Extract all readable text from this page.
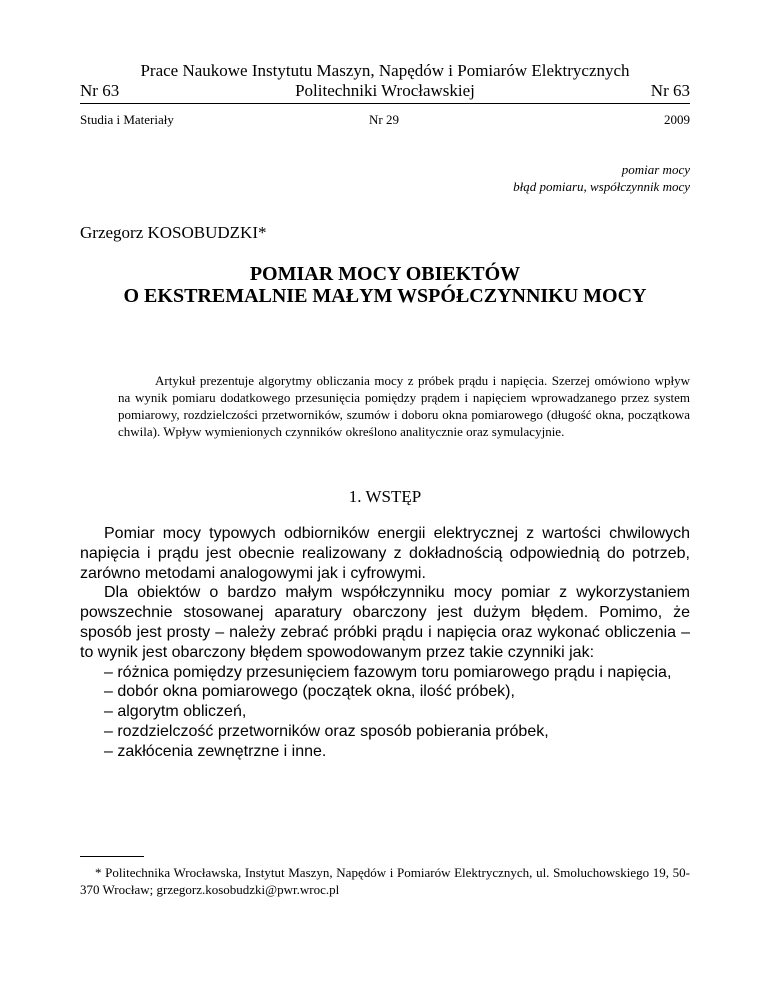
Prace Naukowe Instytutu Maszyn, Napędów i Pomiarów Elektrycznych
Politechniki Wrocławskiej
Nr 63	Nr 63
Studia i Materiały	Nr 29	2009
pomiar mocy
błąd pomiaru, współczynnik mocy
Grzegorz KOSOBUDZKI*
POMIAR MOCY OBIEKTÓW
O EKSTREMALNIE MAŁYM WSPÓŁCZYNNIKU MOCY

Artykuł prezentuje algorytmy obliczania mocy z próbek prądu i napięcia. Szerzej omówiono wpływ na wynik pomiaru dodatkowego przesunięcia pomiędzy prądem i napięciem wprowadzanego przez system pomiarowy, rozdzielczości przetworników, szumów i doboru okna pomiarowego (długość okna, początkowa chwila). Wpływ wymienionych czynników określono analitycznie oraz symulacyjnie.

1. WSTĘP

Pomiar mocy typowych odbiorników energii elektrycznej z wartości chwilowych napięcia i prądu jest obecnie realizowany z dokładnością odpowiednią do potrzeb, zarówno metodami analogowymi jak i cyfrowymi.

Dla obiektów o bardzo małym współczynniku mocy pomiar z wykorzystaniem powszechnie stosowanej aparatury obarczony jest dużym błędem. Pomimo, że sposób jest prosty – należy zebrać próbki prądu i napięcia oraz wykonać obliczenia – to wynik jest obarczony błędem spowodowanym przez takie czynniki jak:

– różnica pomiędzy przesunięciem fazowym toru pomiarowego prądu i napięcia,
– dobór okna pomiarowego (początek okna, ilość próbek),
– algorytm obliczeń,
– rozdzielczość przetworników oraz sposób pobierania próbek,
– zakłócenia zewnętrzne i inne.

* Politechnika Wrocławska, Instytut Maszyn, Napędów i Pomiarów Elektrycznych, ul. Smoluchowskiego 19, 50-370 Wrocław; grzegorz.kosobudzki@pwr.wroc.pl
